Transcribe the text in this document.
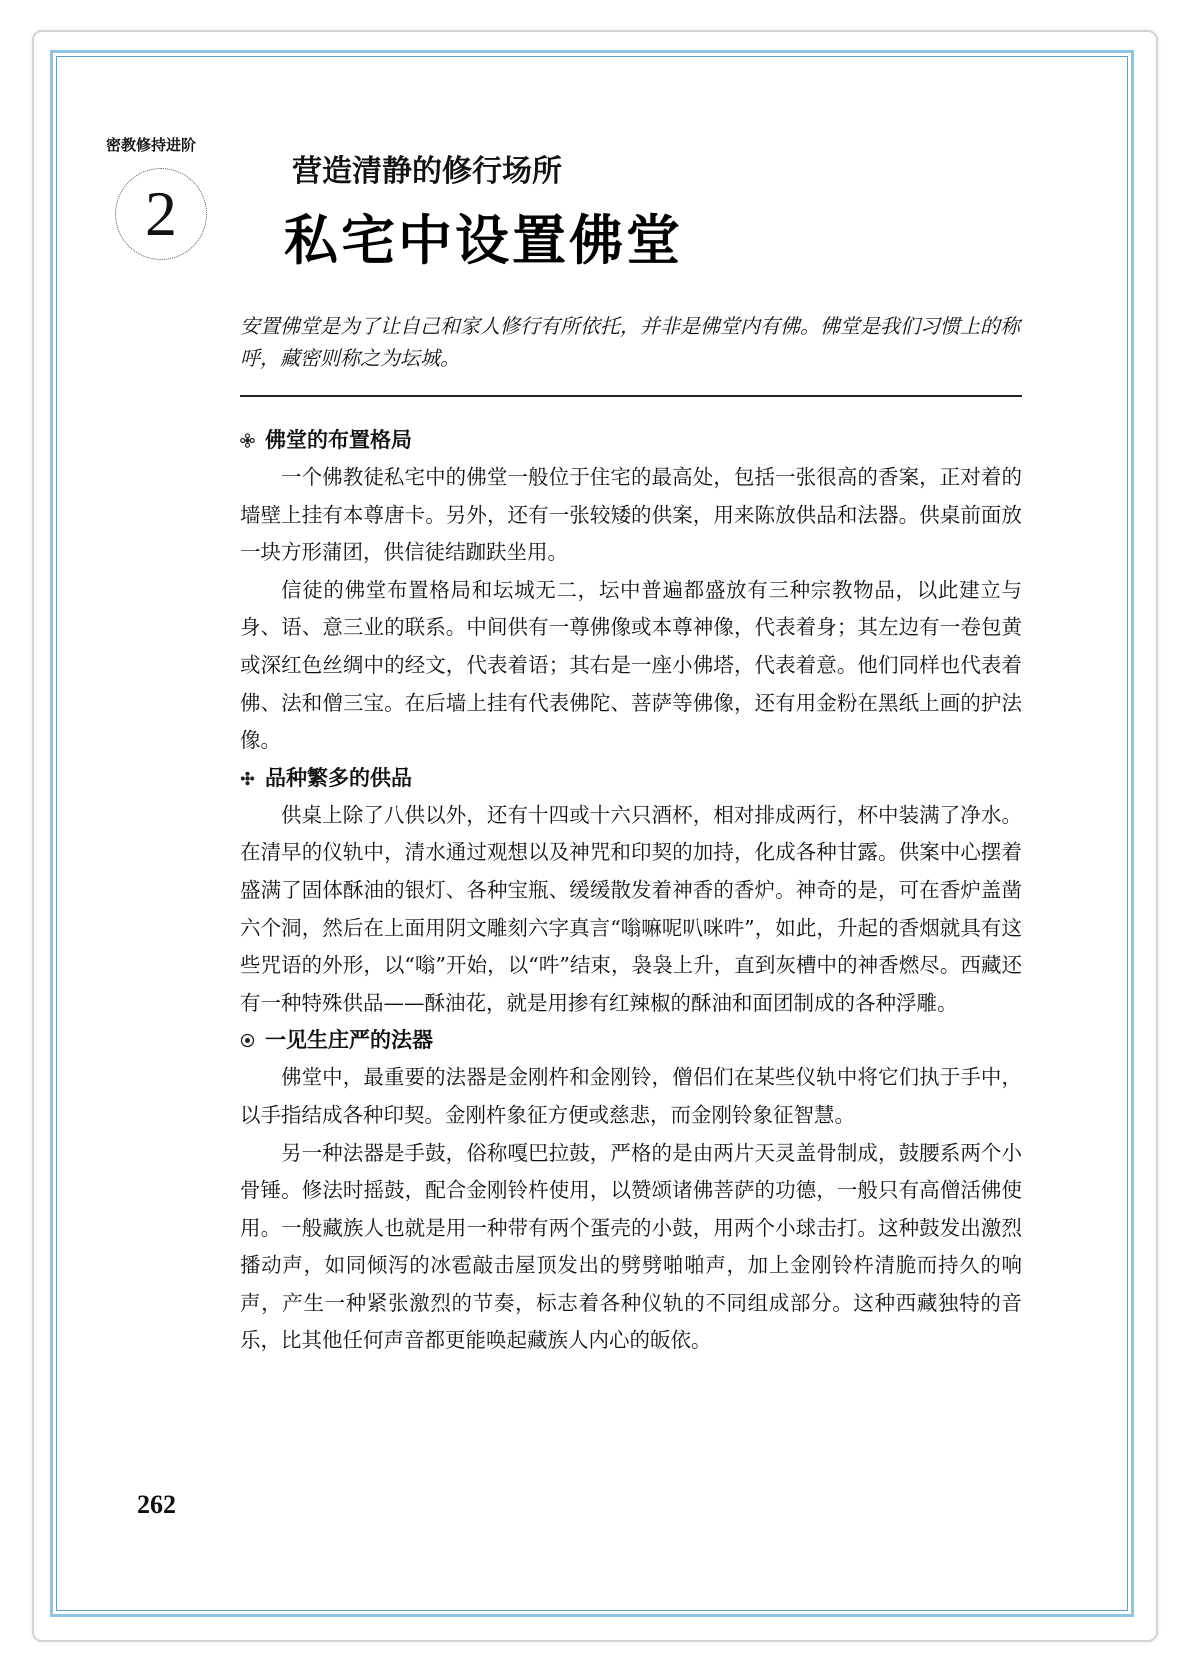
密教修持进阶
2
营造清静的修行场所
私宅中设置佛堂

安置佛堂是为了让自己和家人修行有所依托，并非是佛堂内有佛。佛堂是我们习惯上的称呼，藏密则称之为坛城。

佛堂的布置格局

一个佛教徒私宅中的佛堂一般位于住宅的最高处，包括一张很高的香案，正对着的墙壁上挂有本尊唐卡。另外，还有一张较矮的供案，用来陈放供品和法器。供桌前面放一块方形蒲团，供信徒结跏趺坐用。

信徒的佛堂布置格局和坛城无二，坛中普遍都盛放有三种宗教物品，以此建立与身、语、意三业的联系。中间供有一尊佛像或本尊神像，代表着身；其左边有一卷包黄或深红色丝绸中的经文，代表着语；其右是一座小佛塔，代表着意。他们同样也代表着佛、法和僧三宝。在后墙上挂有代表佛陀、菩萨等佛像，还有用金粉在黑纸上画的护法像。

品种繁多的供品

供桌上除了八供以外，还有十四或十六只酒杯，相对排成两行，杯中装满了净水。在清早的仪轨中，清水通过观想以及神咒和印契的加持，化成各种甘露。供案中心摆着盛满了固体酥油的银灯、各种宝瓶、缓缓散发着神香的香炉。神奇的是，可在香炉盖凿六个洞，然后在上面用阴文雕刻六字真言“嗡嘛呢叭咪吽”，如此，升起的香烟就具有这些咒语的外形，以“嗡”开始，以“吽”结束，袅袅上升，直到灰槽中的神香燃尽。西藏还有一种特殊供品——酥油花，就是用掺有红辣椒的酥油和面团制成的各种浮雕。

一见生庄严的法器

佛堂中，最重要的法器是金刚杵和金刚铃，僧侣们在某些仪轨中将它们执于手中，以手指结成各种印契。金刚杵象征方便或慈悲，而金刚铃象征智慧。

另一种法器是手鼓，俗称嘎巴拉鼓，严格的是由两片天灵盖骨制成，鼓腰系两个小骨锤。修法时摇鼓，配合金刚铃杵使用，以赞颂诸佛菩萨的功德，一般只有高僧活佛使用。一般藏族人也就是用一种带有两个蛋壳的小鼓，用两个小球击打。这种鼓发出激烈播动声，如同倾泻的冰雹敲击屋顶发出的劈劈啪啪声，加上金刚铃杵清脆而持久的响声，产生一种紧张激烈的节奏，标志着各种仪轨的不同组成部分。这种西藏独特的音乐，比其他任何声音都更能唤起藏族人内心的皈依。

262
